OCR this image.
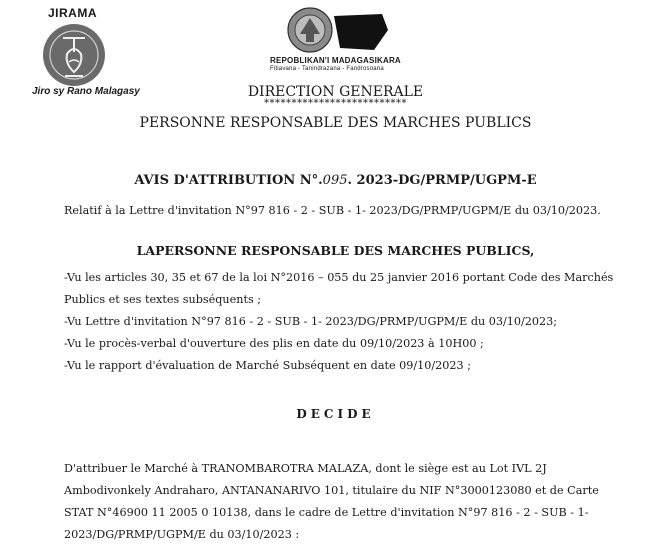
JIRAMA
Jiro sy Rano Malagasy
REPOBLIKAN'I MADAGASIKARA
Fitiavana - Tanindrazana - Fandrosoana
DIRECTION GENERALE
**************************
PERSONNE RESPONSABLE DES MARCHES PUBLICS
AVIS D'ATTRIBUTION N°.095. 2023-DG/PRMP/UGPM-E
Relatif à la Lettre d'invitation N°97 816 - 2 - SUB - 1- 2023/DG/PRMP/UGPM/E du 03/10/2023.
LAPERSONNE RESPONSABLE DES MARCHES PUBLICS,
-Vu les articles 30, 35 et 67 de la loi N°2016 – 055 du 25 janvier 2016 portant Code des Marchés
Publics et ses textes subséquents ;
-Vu Lettre d'invitation N°97 816 - 2 - SUB - 1- 2023/DG/PRMP/UGPM/E du 03/10/2023;
-Vu le procès-verbal d'ouverture des plis en date du 09/10/2023 à 10H00 ;
-Vu le rapport d'évaluation de Marché Subséquent en date 09/10/2023 ;
DECIDE
D'attribuer le Marché à TRANOMBAROTRA MALAZA, dont le siège est au Lot IVL 2J
Ambodivonkely Andraharo, ANTANANARIVO 101, titulaire du NIF N°3000123080 et de Carte
STAT N°46900 11 2005 0 10138, dans le cadre de Lettre d'invitation N°97 816 - 2 - SUB - 1-
2023/DG/PRMP/UGPM/E du 03/10/2023 :
